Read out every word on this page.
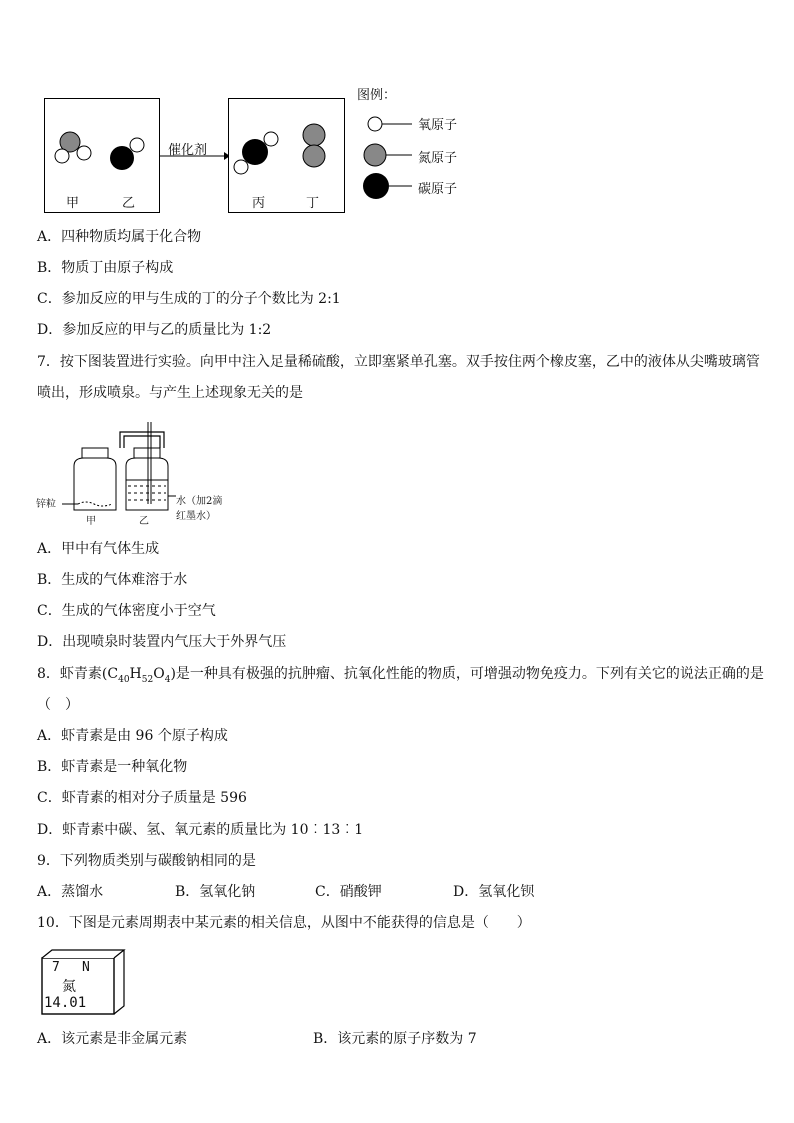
甲	乙
催化剂
丙	丁
图例：
氧原子
氮原子
碳原子
A．四种物质均属于化合物
B．物质丁由原子构成
C．参加反应的甲与生成的丁的分子个数比为 2:1
D．参加反应的甲与乙的质量比为 1:2
7．按下图装置进行实验。向甲中注入足量稀硫酸，立即塞紧单孔塞。双手按住两个橡皮塞，乙中的液体从尖嘴玻璃管
喷出，形成喷泉。与产生上述现象无关的是
锌粒
甲	乙
水（加2滴
红墨水）
A．甲中有气体生成
B．生成的气体难溶于水
C．生成的气体密度小于空气
D．出现喷泉时装置内气压大于外界气压
8．虾青素$(C_{40}H_{52}O_4)$是一种具有极强的抗肿瘤、抗氧化性能的物质，可增强动物免疫力。下列有关它的说法正确的是
（　）
A．虾青素是由 96 个原子构成
B．虾青素是一种氧化物
C．虾青素的相对分子质量是 596
D．虾青素中碳、氢、氧元素的质量比为 10︰13︰1
9．下列物质类别与碳酸钠相同的是
A．蒸馏水	B．氢氧化钠	C．硝酸钾	D．氢氧化钡
10．下图是元素周期表中某元素的相关信息，从图中不能获得的信息是（　　）
7 N
氮
14.01
A．该元素是非金属元素	B．该元素的原子序数为 7
